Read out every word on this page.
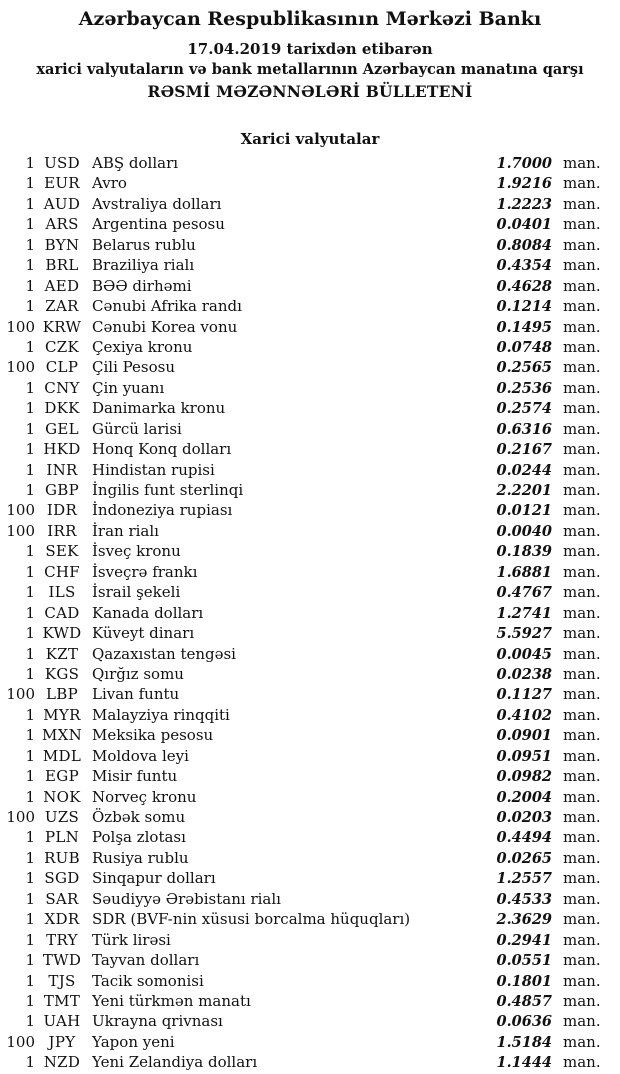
Azərbaycan Respublikasının Mərkəzi Bankı
17.04.2019 tarixdən etibarən
xarici valyutaların və bank metallarının Azərbaycan manatına qarşı
RƏSMİ MƏZƏNNƏLƏRİ BÜLLETENİ
Xarici valyutalar
1 USD ABŞ dolları	1.7000 man.
1 EUR Avro	1.9216 man.
1 AUD Avstraliya dolları	1.2223 man.
1 ARS Argentina pesosu	0.0401 man.
1 BYN Belarus rublu	0.8084 man.
1 BRL Braziliya rialı	0.4354 man.
1 AED BƏƏ dirhəmi	0.4628 man.
1 ZAR Cənubi Afrika randı	0.1214 man.
100 KRW Cənubi Korea vonu	0.1495 man.
1 CZK Çexiya kronu	0.0748 man.
100 CLP Çili Pesosu	0.2565 man.
1 CNY Çin yuanı	0.2536 man.
1 DKK Danimarka kronu	0.2574 man.
1 GEL Gürcü larisi	0.6316 man.
1 HKD Honq Konq dolları	0.2167 man.
1 INR Hindistan rupisi	0.0244 man.
1 GBP İngilis funt sterlinqi	2.2201 man.
100 IDR İndoneziya rupiası	0.0121 man.
100 IRR	İran rialı	0.0040 man.
1 SEK İsveç kronu	0.1839 man.
1 CHF İsveçrə frankı	1.6881 man.
1 ILS	İsrail şekeli	0.4767 man.
1 CAD Kanada dolları	1.2741 man.
1 KWD Küveyt dinarı	5.5927 man.
1 KZT Qazaxıstan tengəsi	0.0045 man.
1 KGS Qırğız somu	0.0238 man.
100 LBP Livan funtu	0.1127 man.
1 MYR Malayziya rinqqiti	0.4102 man.
1 MXN Meksika pesosu	0.0901 man.
1 MDL Moldova leyi	0.0951 man.
1 EGP Misir funtu	0.0982 man.
1 NOK Norveç kronu	0.2004 man.
100 UZS Özbək somu	0.0203 man.
1 PLN Polşa zlotası	0.4494 man.
1 RUB Rusiya rublu	0.0265 man.
1 SGD Sinqapur dolları	1.2557 man.
1 SAR Səudiyyə Ərəbistanı rialı	0.4533 man.
1 XDR SDR (BVF-nin xüsusi borcalma hüquqları)	2.3629 man.
1 TRY Türk lirəsi	0.2941 man.
1 TWD Tayvan dolları	0.0551 man.
1 TJS	Tacik somonisi	0.1801 man.
1 TMT Yeni türkmən manatı	0.4857 man.
1 UAH Ukrayna qrivnası	0.0636 man.
100 JPY	Yapon yeni	1.5184 man.
1 NZD Yeni Zelandiya dolları	1.1444 man.
